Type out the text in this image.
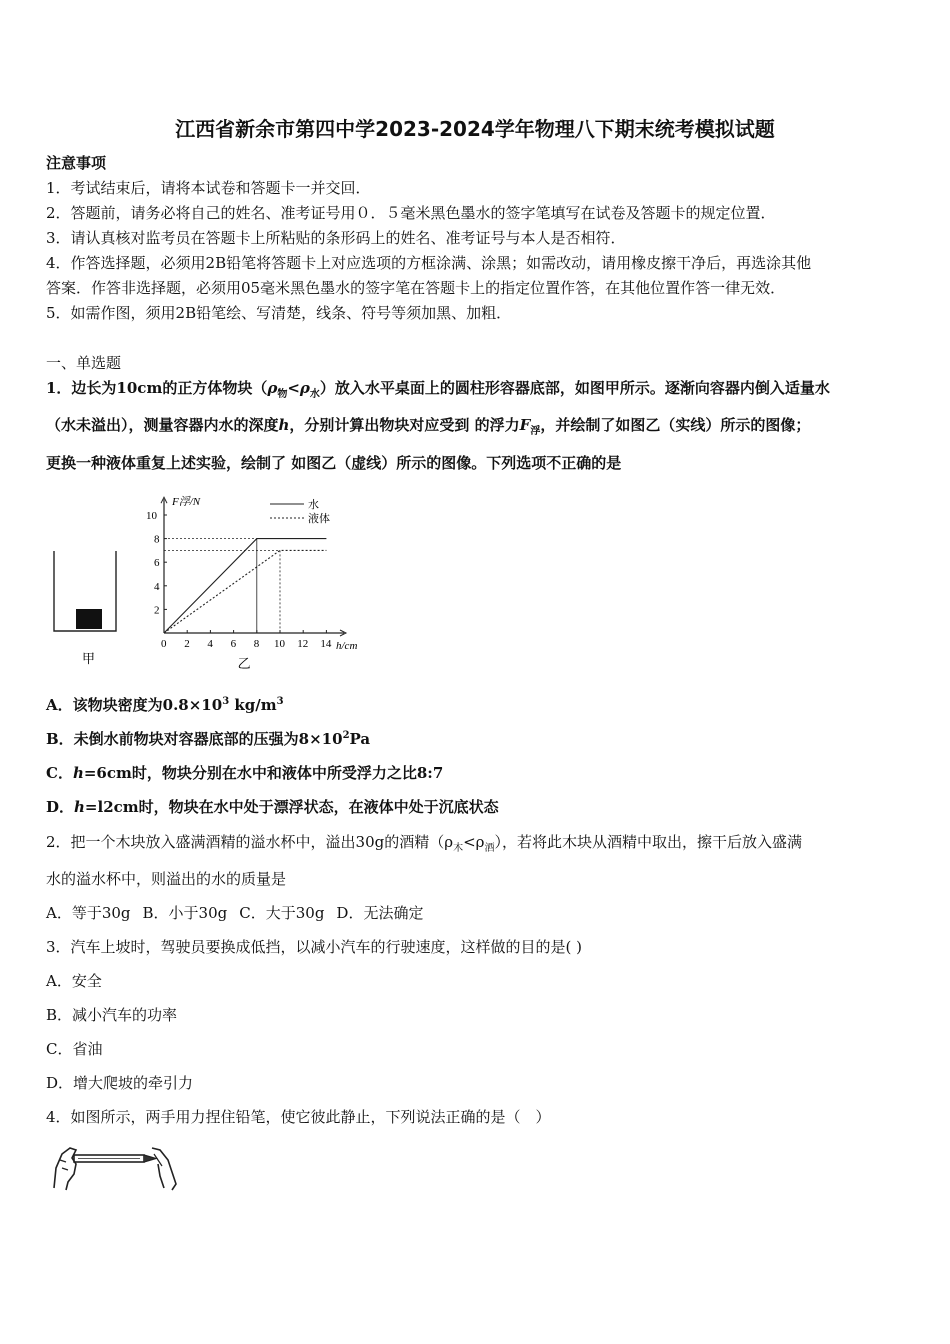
江西省新余市第四中学2023-2024学年物理八下期末统考模拟试题
注意事项
1．考试结束后，请将本试卷和答题卡一并交回．
2．答题前，请务必将自己的姓名、准考证号用０．５毫米黑色墨水的签字笔填写在试卷及答题卡的规定位置．
3．请认真核对监考员在答题卡上所粘贴的条形码上的姓名、准考证号与本人是否相符．
4．作答选择题，必须用2B铅笔将答题卡上对应选项的方框涂满、涂黑；如需改动，请用橡皮擦干净后，再选涂其他
答案．作答非选择题，必须用05毫米黑色墨水的签字笔在答题卡上的指定位置作答，在其他位置作答一律无效．
5．如需作图，须用2B铅笔绘、写清楚，线条、符号等须加黑、加粗．
一、单选题
1．边长为10cm的正方体物块$(\rho_物<\rho_水)$放入水平桌面上的圆柱形容器底部，如图甲所示。逐渐向容器内倒入适量水
（水未溢出），测量容器内水的深度h，分别计算出物块对应受到 的浮力$F_浮$，并绘制了如图乙（实线）所示的图像；
更换一种液体重复上述实验，绘制了 如图乙（虚线）所示的图像。下列选项不正确的是
甲
F浮/N
h/cm
0 2 4 6 8 10 12 14
2
4
6
8
10
水
液体
乙
A．该物块密度为$0.8\times 10^3$ $kg/m^3$
B．未倒水前物块对容器底部的压强为$8\times 10^2Pa$
C．h=6cm时，物块分别在水中和液体中所受浮力之比8:7
D．h=l2cm时，物块在水中处于漂浮状态，在液体中处于沉底状态
2．把一个木块放入盛满酒精的溢水杯中，溢出30g的酒精$(\rho_木<\rho_酒)$，若将此木块从酒精中取出，擦干后放入盛满
水的溢水杯中，则溢出的水的质量是
A．等于30g B．小于30g C．大于30g D．无法确定
3．汽车上坡时，驾驶员要换成低挡，以减小汽车的行驶速度，这样做的目的是( )
A．安全
B．减小汽车的功率
C．省油
D．增大爬坡的牵引力
4．如图所示，两手用力捏住铅笔，使它彼此静止，下列说法正确的是（　）
